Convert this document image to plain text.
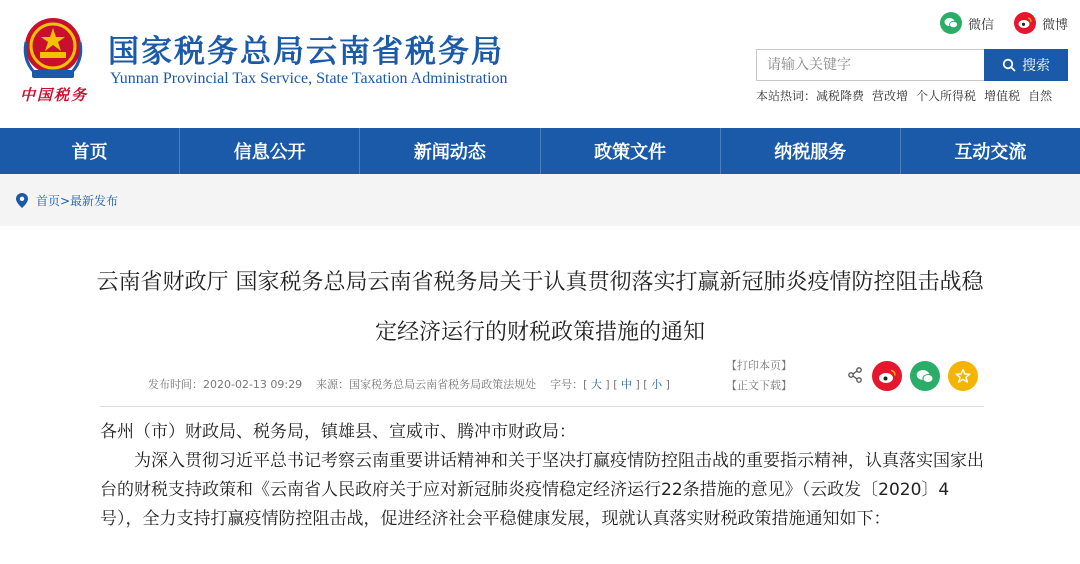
中国税务
国家税务总局云南省税务局
Yunnan Provincial Tax Service, State Taxation Administration
微信	微博
请输入关键字	搜索
本站热词： 减税降费 营改增 个人所得税 增值税 自然
首页	信息公开	新闻动态	政策文件	纳税服务	互动交流
首页>最新发布
云南省财政厅 国家税务总局云南省税务局关于认真贯彻落实打赢新冠肺炎疫情防控阻击战稳定经济运行的财税政策措施的通知
【打印本页】
【正文下载】
发布时间：2020-02-13 09:29 来源：国家税务总局云南省税务局政策法规处 字号：[ 大 ] [ 中 ] [ 小 ]

各州（市）财政局、税务局，镇雄县、宣威市、腾冲市财政局：

为深入贯彻习近平总书记考察云南重要讲话精神和关于坚决打赢疫情防控阻击战的重要指示精神，认真落实国家出台的财税支持政策和《云南省人民政府关于应对新冠肺炎疫情稳定经济运行22条措施的意见》（云政发〔2020〕4号），全力支持打赢疫情防控阻击战，促进经济社会平稳健康发展，现就认真落实财税政策措施通知如下：
